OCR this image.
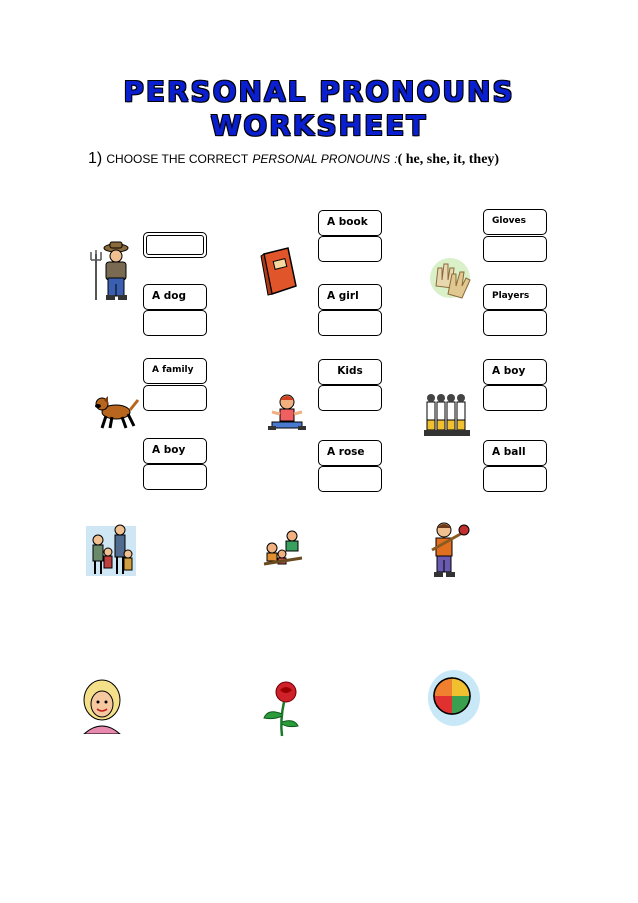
PERSONAL PRONOUNS
WORKSHEET
1) CHOOSE THE CORRECT PERSONAL PRONOUNS :( he, she, it, they)
A dog
A family
A boy
A book
A girl
Kids
A rose
Gloves
Players
A boy
A ball
